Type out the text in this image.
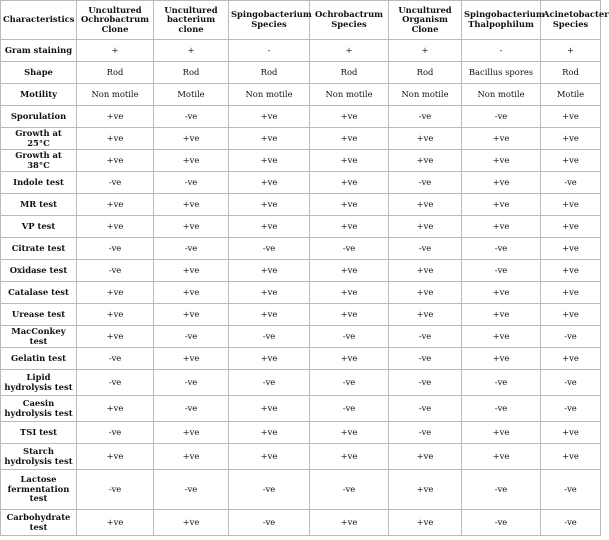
Characteristics	Uncultured Ochrobactrum Clone	Uncultured bacterium clone	Spingobacterium Species	Ochrobactrum Species	Uncultured Organism Clone	Spingobacterium Thalpophilum	Acinetobacter Species
Gram staining	+	+	-	+	+	-	+
Shape	Rod	Rod	Rod	Rod	Rod	Bacillus spores	Rod
Motility	Non motile	Motile	Non motile	Non motile	Non motile	Non motile	Motile
Sporulation	+ve	-ve	+ve	+ve	-ve	-ve	+ve
Growth at 25°C	+ve	+ve	+ve	+ve	+ve	+ve	+ve
Growth at 38°C	+ve	+ve	+ve	+ve	+ve	+ve	+ve
Indole test	-ve	-ve	+ve	+ve	-ve	+ve	-ve
MR test	+ve	+ve	+ve	+ve	+ve	+ve	+ve
VP test	+ve	+ve	+ve	+ve	+ve	+ve	+ve
Citrate test	-ve	-ve	-ve	-ve	-ve	-ve	+ve
Oxidase test	-ve	+ve	+ve	+ve	+ve	-ve	+ve
Catalase test	+ve	+ve	+ve	+ve	+ve	+ve	+ve
Urease test	+ve	+ve	+ve	+ve	+ve	+ve	+ve
MacConkey test	+ve	-ve	-ve	-ve	-ve	+ve	-ve
Gelatin test	-ve	+ve	+ve	+ve	-ve	+ve	+ve
Lipid hydrolysis test	-ve	-ve	-ve	-ve	-ve	-ve	-ve
Caesin hydrolysis test	+ve	-ve	+ve	-ve	-ve	-ve	-ve
TSI test	-ve	+ve	+ve	+ve	-ve	+ve	+ve
Starch hydrolysis test	+ve	+ve	+ve	+ve	+ve	+ve	+ve
Lactose fermentation test	-ve	-ve	-ve	-ve	+ve	-ve	-ve
Carbohydrate test	+ve	+ve	-ve	+ve	+ve	-ve	-ve
